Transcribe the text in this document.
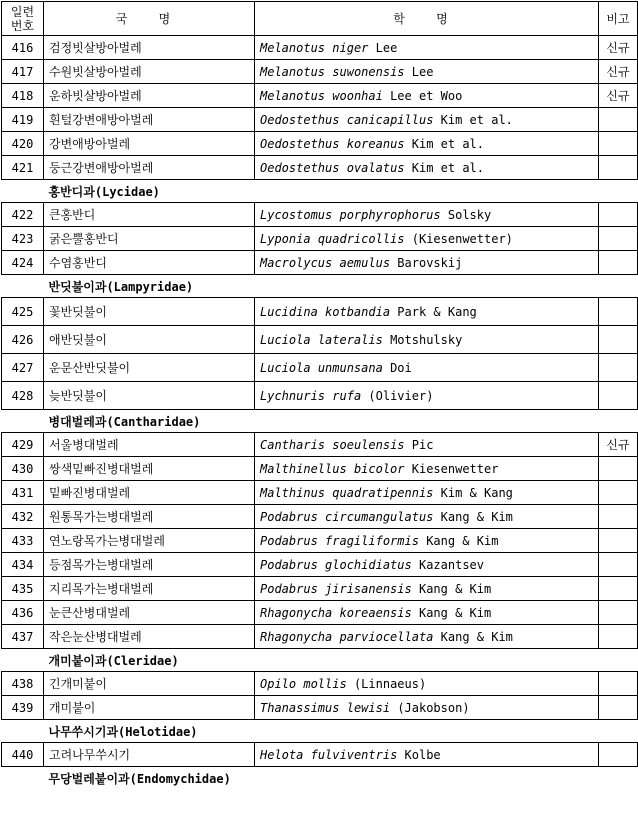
일련
번호	국 명	학 명	비고
416	검정빗살방아벌레	Melanotus niger Lee	신규
417	수원빗살방아벌레	Melanotus suwonensis Lee	신규
418	운하빗살방아벌레	Melanotus woonhai Lee et Woo	신규
419	흰털강변애방아벌레	Oedostethus canicapillus Kim et al.	
420	강변애방아벌레	Oedostethus koreanus Kim et al.	
421	둥근강변애방아벌레	Oedostethus ovalatus Kim et al.	
홍반디과(Lycidae)			
422	큰홍반디	Lycostomus porphyrophorus Solsky	
423	굵은뿔홍반디	Lyponia quadricollis (Kiesenwetter)	
424	수염홍반디	Macrolycus aemulus Barovskij	
반딧불이과(Lampyridae)			
425	꽃반딧불이	Lucidina kotbandia Park & Kang	
426	애반딧불이	Luciola lateralis Motshulsky	
427	운문산반딧불이	Luciola unmunsana Doi	
428	늦반딧불이	Lychnuris rufa (Olivier)	
병대벌레과(Cantharidae)			
429	서울병대벌레	Cantharis soeulensis Pic	신규
430	쌍색밑빠진병대벌레	Malthinellus bicolor Kiesenwetter	
431	밑빠진병대벌레	Malthinus quadratipennis Kim & Kang	
432	원통목가는병대벌레	Podabrus circumangulatus Kang & Kim	
433	연노랑목가는병대벌레	Podabrus fragiliformis Kang & Kim	
434	등점목가는병대벌레	Podabrus glochidiatus Kazantsev	
435	지리목가는병대벌레	Podabrus jirisanensis Kang & Kim	
436	눈큰산병대벌레	Rhagonycha koreaensis Kang & Kim	
437	작은눈산병대벌레	Rhagonycha parviocellata Kang & Kim	
개미붙이과(Cleridae)			
438	긴개미붙이	Opilo mollis (Linnaeus)	
439	개미붙이	Thanassimus lewisi (Jakobson)	
나무쑤시기과(Helotidae)			
440	고려나무쑤시기	Helota fulviventris Kolbe	
무당벌레붙이과(Endomychidae)			
